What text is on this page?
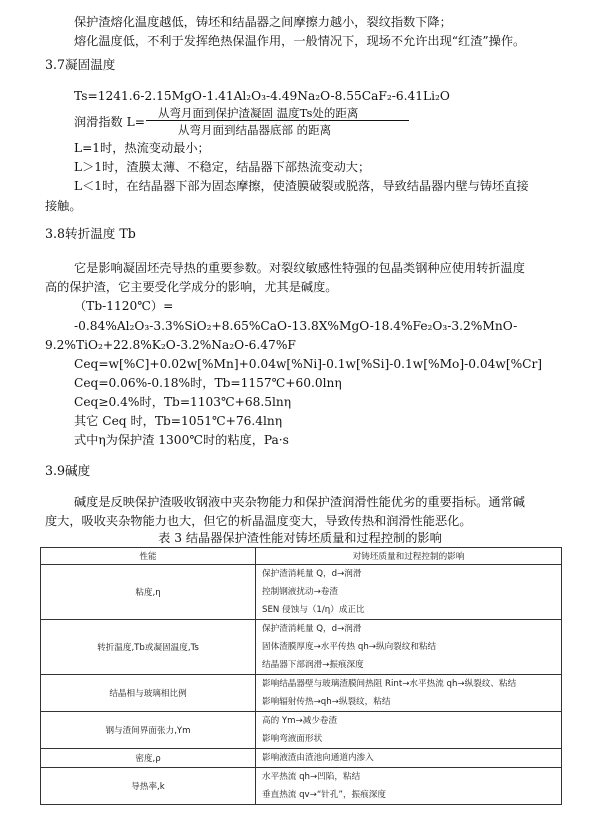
保护渣熔化温度越低，铸坯和结晶器之间摩擦力越小，裂纹指数下降；
熔化温度低，不利于发挥绝热保温作用，一般情况下，现场不允许出现“红渣”操作。
3.7凝固温度
Ts=1241.6-2.15MgO-1.41Al₂O₃-4.49Na₂O-8.55CaF₂-6.41Li₂O
润滑指数 L=
从弯月面到保护渣凝固 温度Ts处的距离
从弯月面到结晶器底部 的距离
L=1时，热流变动最小；
L＞1时，渣膜太薄、不稳定，结晶器下部热流变动大；
L＜1时，在结晶器下部为固态摩擦，使渣膜破裂或脱落，导致结晶器内壁与铸坯直接
接触。
3.8转折温度 Tb
它是影响凝固坯壳导热的重要参数。对裂纹敏感性特强的包晶类钢种应使用转折温度
高的保护渣，它主要受化学成分的影响，尤其是碱度。
（Tb-1120℃）=
-0.84%Al₂O₃-3.3%SiO₂+8.65%CaO-13.8X%MgO-18.4%Fe₂O₃-3.2%MnO-
9.2%TiO₂+22.8%K₂O-3.2%Na₂O-6.47%F
Ceq=w[%C]+0.02w[%Mn]+0.04w[%Ni]-0.1w[%Si]-0.1w[%Mo]-0.04w[%Cr]
Ceq=0.06%-0.18%时，Tb=1157℃+60.0lnη
Ceq≥0.4%时，Tb=1103℃+68.5lnη
其它 Ceq 时，Tb=1051℃+76.4lnη
式中η为保护渣 1300℃时的粘度，Pa·s
3.9碱度
碱度是反映保护渣吸收钢液中夹杂物能力和保护渣润滑性能优劣的重要指标。通常碱
度大，吸收夹杂物能力也大，但它的析晶温度变大，导致传热和润滑性能恶化。
表 3 结晶器保护渣性能对铸坯质量和过程控制的影响
性能	对铸坯质量和过程控制的影响
粘度,η	保护渣消耗量 Q，d→润滑
控制钢液扰动→卷渣
SEN 侵蚀与（1/η）成正比

转折温度,Tb或凝固温度,Ts	保护渣消耗量 Q，d→润滑
固体渣膜厚度→水平传热 qh→纵向裂纹和粘结
结晶器下部润滑→振痕深度

结晶相与玻璃相比例	影响结晶器壁与玻璃渣膜间热阻 Rint→水平热流 qh→纵裂纹、粘结
影响辐射传热→qh→纵裂纹，粘结

钢与渣间界面张力,Ym	高的 Ym→减少卷渣
影响弯液面形状

密度,ρ	影响液渣由渣池向通道内渗入

导热率,k	水平热流 qh→凹陷，粘结
垂直热流 qv→“针孔”，振痕深度
